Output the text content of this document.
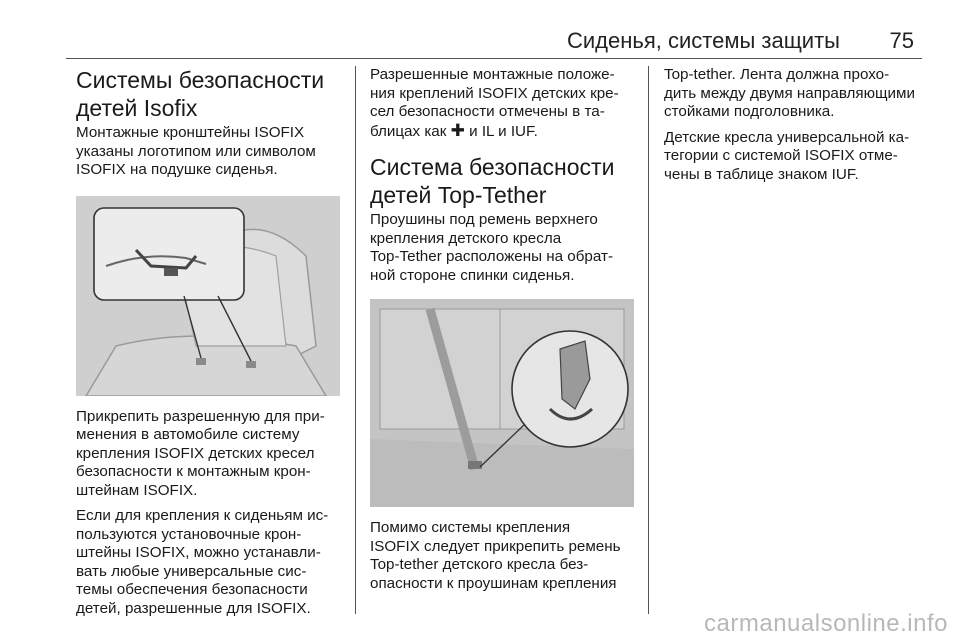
Сиденья, системы защиты 75
Системы безопасности
детей Isofix

Монтажные кронштейны ISOFIX
указаны логотипом или символом
ISOFIX на подушке сиденья.

Прикрепить разрешенную для при-
менения в автомобиле систему
крепления ISOFIX детских кресел
безопасности к монтажным крон-
штейнам ISOFIX.

Если для крепления к сиденьям ис-
пользуются установочные крон-
штейны ISOFIX, можно устанавли-
вать любые универсальные сис-
темы обеспечения безопасности
детей, разрешенные для ISOFIX.

Разрешенные монтажные положе-
ния креплений ISOFIX детских кре-
сел безопасности отмечены в та-
блицах как ✚ и IL и IUF.

Система безопасности
детей Top-Tether

Проушины под ремень верхнего
крепления детского кресла
Top-Tether расположены на обрат-
ной стороне спинки сиденья.

Помимо системы крепления
ISOFIX следует прикрепить ремень
Top-tether детского кресла без-
опасности к проушинам крепления

Top-tether. Лента должна прохо-
дить между двумя направляющими
стойками подголовника.

Детские кресла универсальной ка-
тегории с системой ISOFIX отме-
чены в таблице знаком IUF.

carmanualsonline.info
